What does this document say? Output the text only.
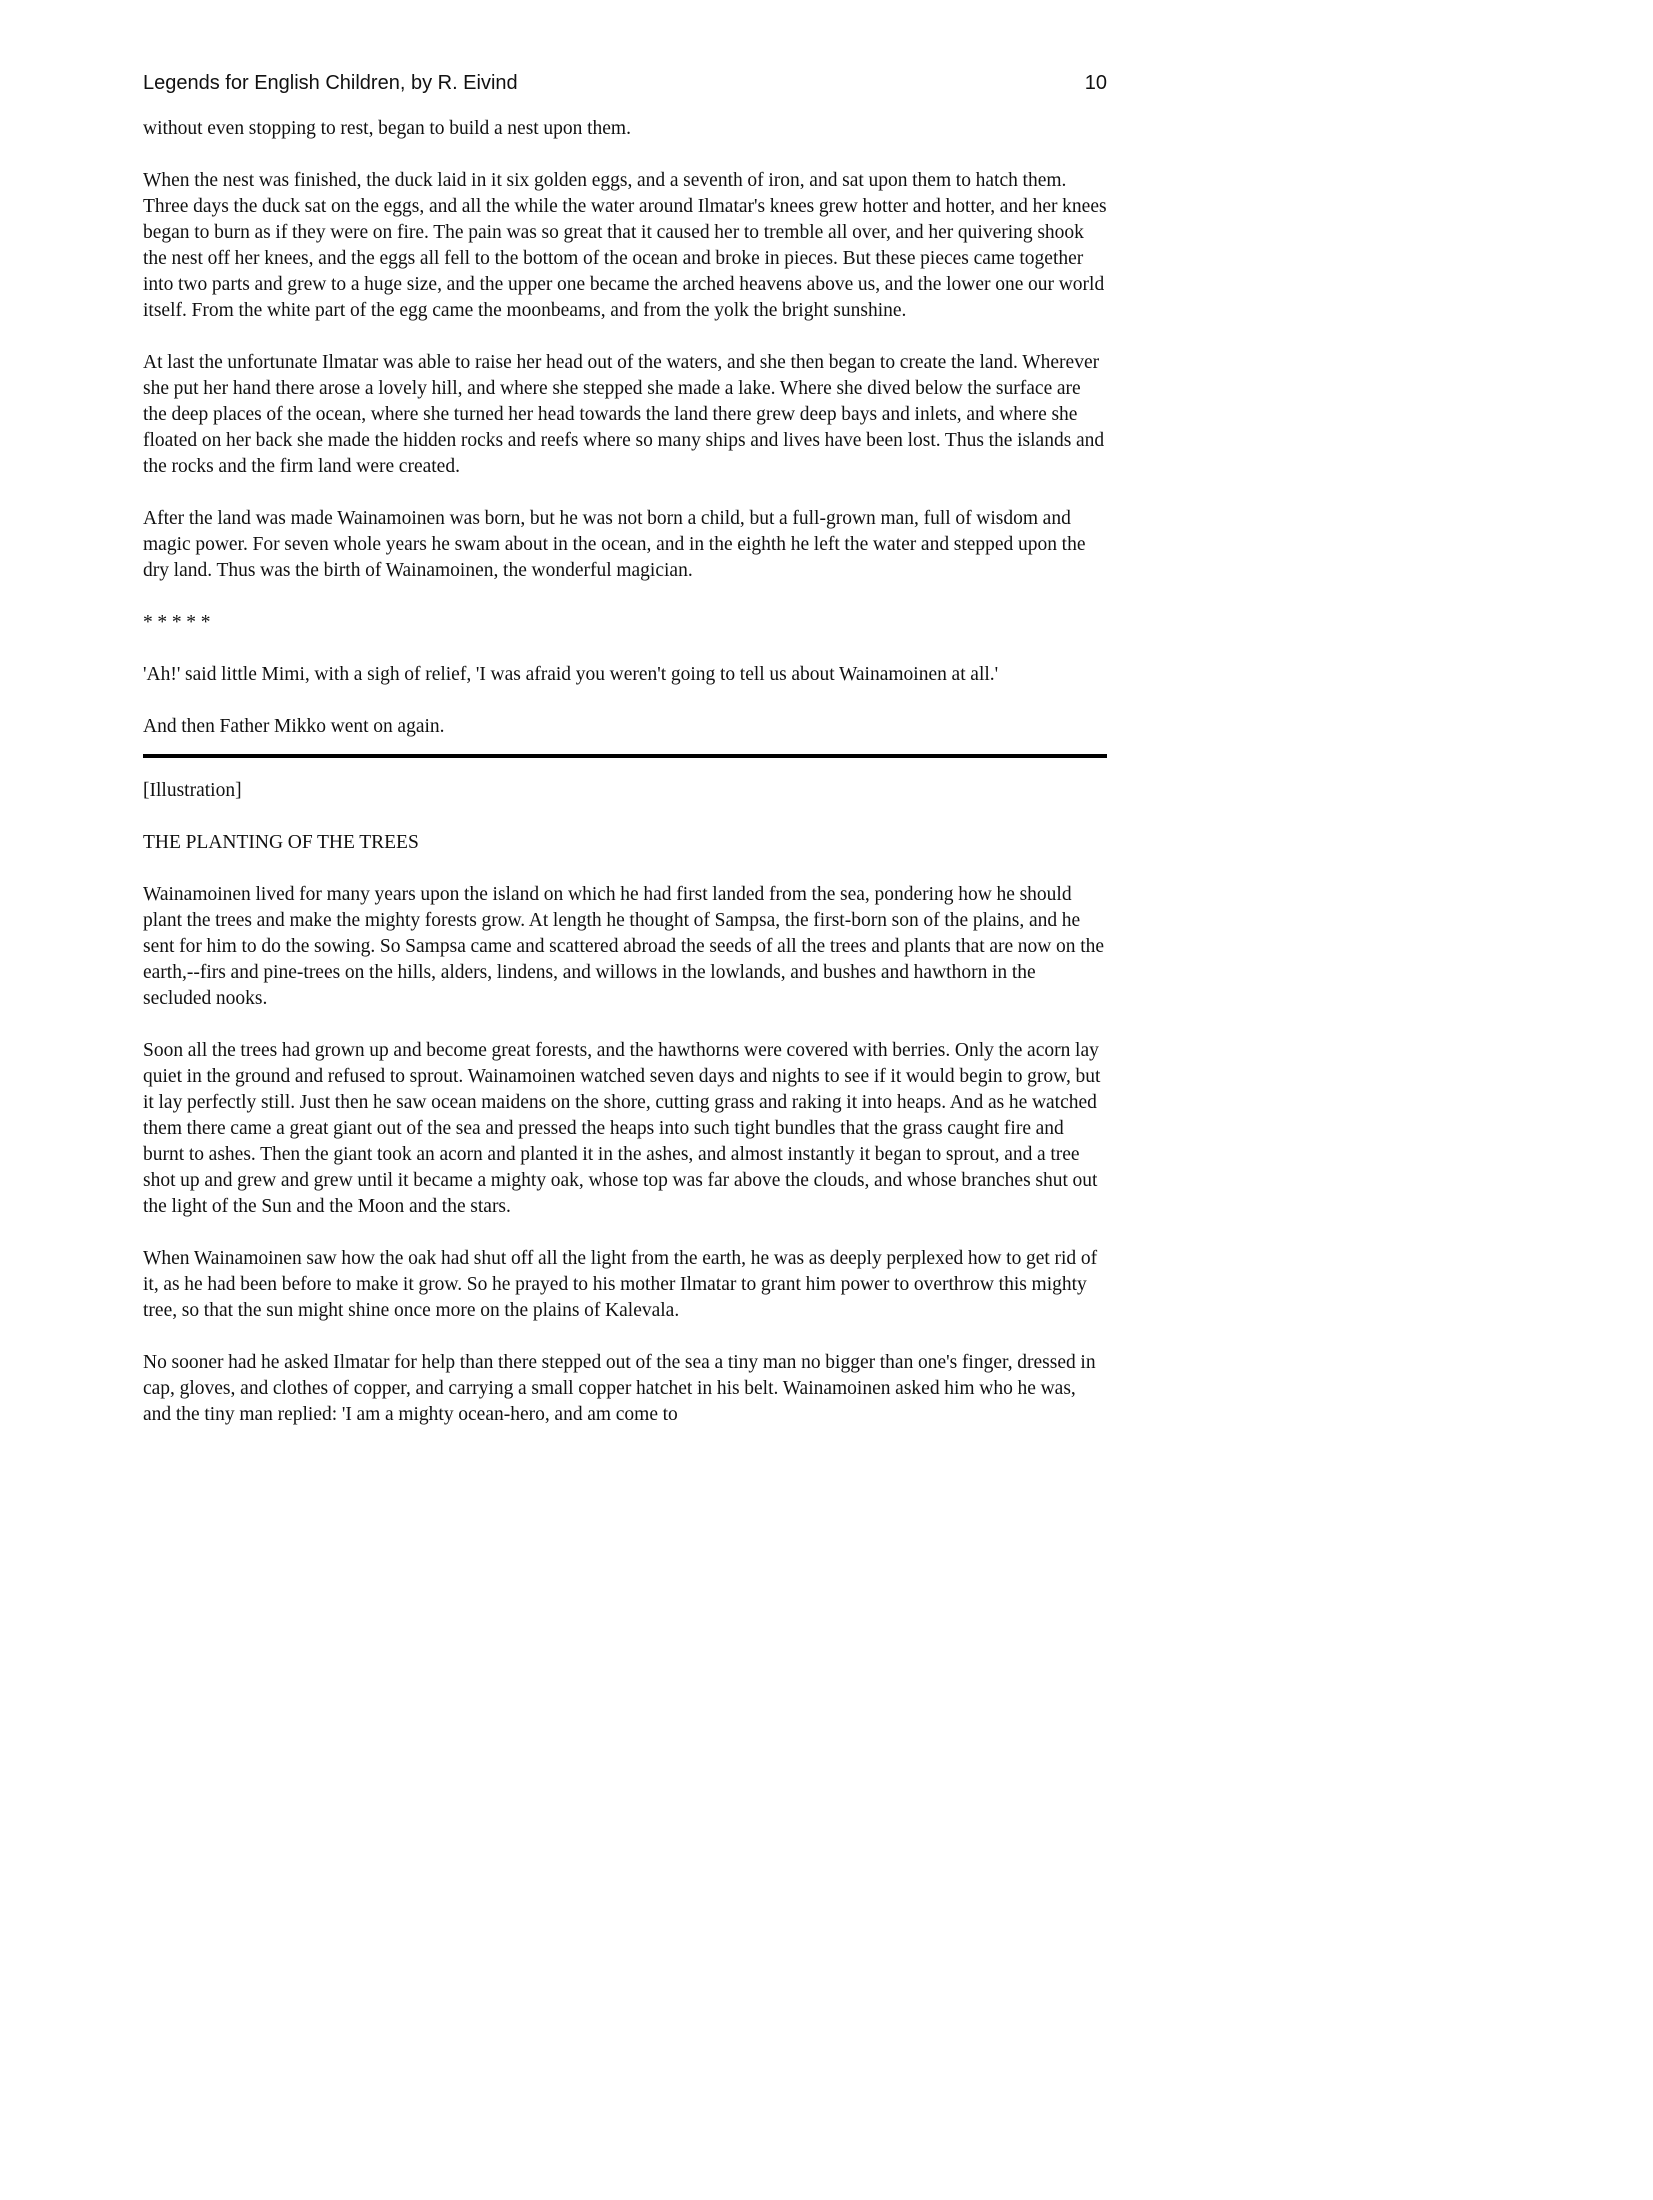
Legends for English Children, by R. Eivind	10

without even stopping to rest, began to build a nest upon them.

When the nest was finished, the duck laid in it six golden eggs, and a seventh of iron, and sat upon them to hatch them. Three days the duck sat on the eggs, and all the while the water around Ilmatar's knees grew hotter and hotter, and her knees began to burn as if they were on fire. The pain was so great that it caused her to tremble all over, and her quivering shook the nest off her knees, and the eggs all fell to the bottom of the ocean and broke in pieces. But these pieces came together into two parts and grew to a huge size, and the upper one became the arched heavens above us, and the lower one our world itself. From the white part of the egg came the moonbeams, and from the yolk the bright sunshine.

At last the unfortunate Ilmatar was able to raise her head out of the waters, and she then began to create the land. Wherever she put her hand there arose a lovely hill, and where she stepped she made a lake. Where she dived below the surface are the deep places of the ocean, where she turned her head towards the land there grew deep bays and inlets, and where she floated on her back she made the hidden rocks and reefs where so many ships and lives have been lost. Thus the islands and the rocks and the firm land were created.

After the land was made Wainamoinen was born, but he was not born a child, but a full-grown man, full of wisdom and magic power. For seven whole years he swam about in the ocean, and in the eighth he left the water and stepped upon the dry land. Thus was the birth of Wainamoinen, the wonderful magician.

* * * * *

'Ah!' said little Mimi, with a sigh of relief, 'I was afraid you weren't going to tell us about Wainamoinen at all.'

And then Father Mikko went on again.

[Illustration]

THE PLANTING OF THE TREES

Wainamoinen lived for many years upon the island on which he had first landed from the sea, pondering how he should plant the trees and make the mighty forests grow. At length he thought of Sampsa, the first-born son of the plains, and he sent for him to do the sowing. So Sampsa came and scattered abroad the seeds of all the trees and plants that are now on the earth,--firs and pine-trees on the hills, alders, lindens, and willows in the lowlands, and bushes and hawthorn in the secluded nooks.

Soon all the trees had grown up and become great forests, and the hawthorns were covered with berries. Only the acorn lay quiet in the ground and refused to sprout. Wainamoinen watched seven days and nights to see if it would begin to grow, but it lay perfectly still. Just then he saw ocean maidens on the shore, cutting grass and raking it into heaps. And as he watched them there came a great giant out of the sea and pressed the heaps into such tight bundles that the grass caught fire and burnt to ashes. Then the giant took an acorn and planted it in the ashes, and almost instantly it began to sprout, and a tree shot up and grew and grew until it became a mighty oak, whose top was far above the clouds, and whose branches shut out the light of the Sun and the Moon and the stars.

When Wainamoinen saw how the oak had shut off all the light from the earth, he was as deeply perplexed how to get rid of it, as he had been before to make it grow. So he prayed to his mother Ilmatar to grant him power to overthrow this mighty tree, so that the sun might shine once more on the plains of Kalevala.

No sooner had he asked Ilmatar for help than there stepped out of the sea a tiny man no bigger than one's finger, dressed in cap, gloves, and clothes of copper, and carrying a small copper hatchet in his belt. Wainamoinen asked him who he was, and the tiny man replied: 'I am a mighty ocean-hero, and am come to
